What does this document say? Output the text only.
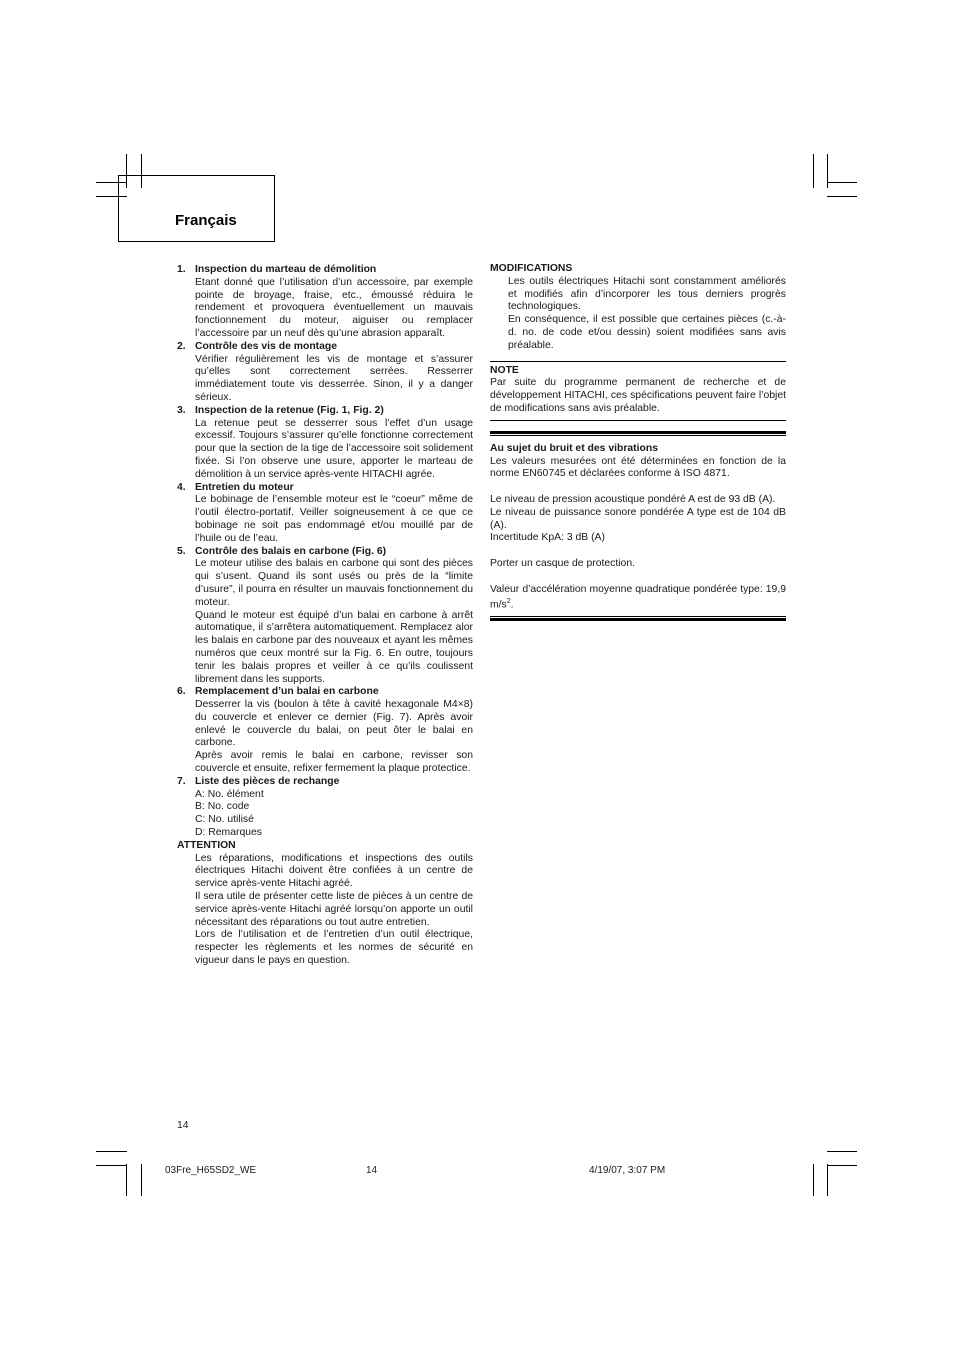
Français
1. Inspection du marteau de démolition

Etant donné que l’utilisation d’un accessoire, par exemple pointe de broyage, fraise, etc., émoussé réduira le rendement et provoquera éventuellement un mauvais fonctionnement du moteur, aiguiser ou remplacer l’accessoire par un neuf dès qu’une abrasion apparaît.

2. Contrôle des vis de montage

Vérifier régulièrement les vis de montage et s’assurer qu’elles sont correctement serrées. Resserrer immédiatement toute vis desserrée. Sinon, il y a danger sérieux.

3. Inspection de la retenue (Fig. 1, Fig. 2)

La retenue peut se desserrer sous l’effet d’un usage excessif. Toujours s’assurer qu’elle fonctionne correctement pour que la section de la tige de l’accessoire soit solidement fixée. Si l’on observe une usure, apporter le marteau de démolition à un service après-vente HITACHI agrée.

4. Entretien du moteur

Le bobinage de l’ensemble moteur est le “coeur” même de l’outil électro-portatif. Veiller soigneusement à ce que ce bobinage ne soit pas endommagé et/ou mouillé par de l’huile ou de l’eau.

5. Contrôle des balais en carbone (Fig. 6)

Le moteur utilise des balais en carbone qui sont des pièces qui s’usent. Quand ils sont usés ou près de la “limite d’usure”, il pourra en résulter un mauvais fonctionnement du moteur.

Quand le moteur est équipé d’un balai en carbone à arrêt automatique, il s’arrêtera automatiquement. Remplacez alor les balais en carbone par des nouveaux et ayant les mêmes numéros que ceux montré sur la Fig. 6. En outre, toujours tenir les balais propres et veiller à ce qu’ils coulissent librement dans les supports.

6. Remplacement d’un balai en carbone

Desserrer la vis (boulon à tête à cavité hexagonale M4×8) du couvercle et enlever ce dernier (Fig. 7). Après avoir enlevé le couvercle du balai, on peut ôter le balai en carbone.

Après avoir remis le balai en carbone, revisser son couvercle et ensuite, refixer fermement la plaque protectice.

7. Liste des pièces de rechange

A: No. élément

B: No. code

C: No. utilisé

D: Remarques

ATTENTION

Les réparations, modifications et inspections des outils électriques Hitachi doivent être confiées à un centre de service après-vente Hitachi agréé.

Il sera utile de présenter cette liste de pièces à un centre de service après-vente Hitachi agréé lorsqu’on apporte un outil nécessitant des réparations ou tout autre entretien.

Lors de l’utilisation et de l’entretien d’un outil électrique, respecter les règlements et les normes de sécurité en vigueur dans le pays en question.

MODIFICATIONS

Les outils électriques Hitachi sont constamment améliorés et modifiés afin d’incorporer les tous derniers progrès technologiques.

En conséquence, il est possible que certaines pièces (c.-à-d. no. de code et/ou dessin) soient modifiées sans avis préalable.

NOTE

Par suite du programme permanent de recherche et de développement HITACHI, ces spécifications peuvent faire l’objet de modifications sans avis préalable.

Au sujet du bruit et des vibrations

Les valeurs mesurées ont été déterminées en fonction de la norme EN60745 et déclarées conforme à ISO 4871.

Le niveau de pression acoustique pondéré A est de 93 dB (A).

Le niveau de puissance sonore pondérée A type est de 104 dB (A).

Incertitude KpA: 3 dB (A)

Porter un casque de protection.

Valeur d’accélération moyenne quadratique pondérée type: 19,9 $m/s^2$.

14
03Fre_H65SD2_WE	14	4/19/07, 3:07 PM
